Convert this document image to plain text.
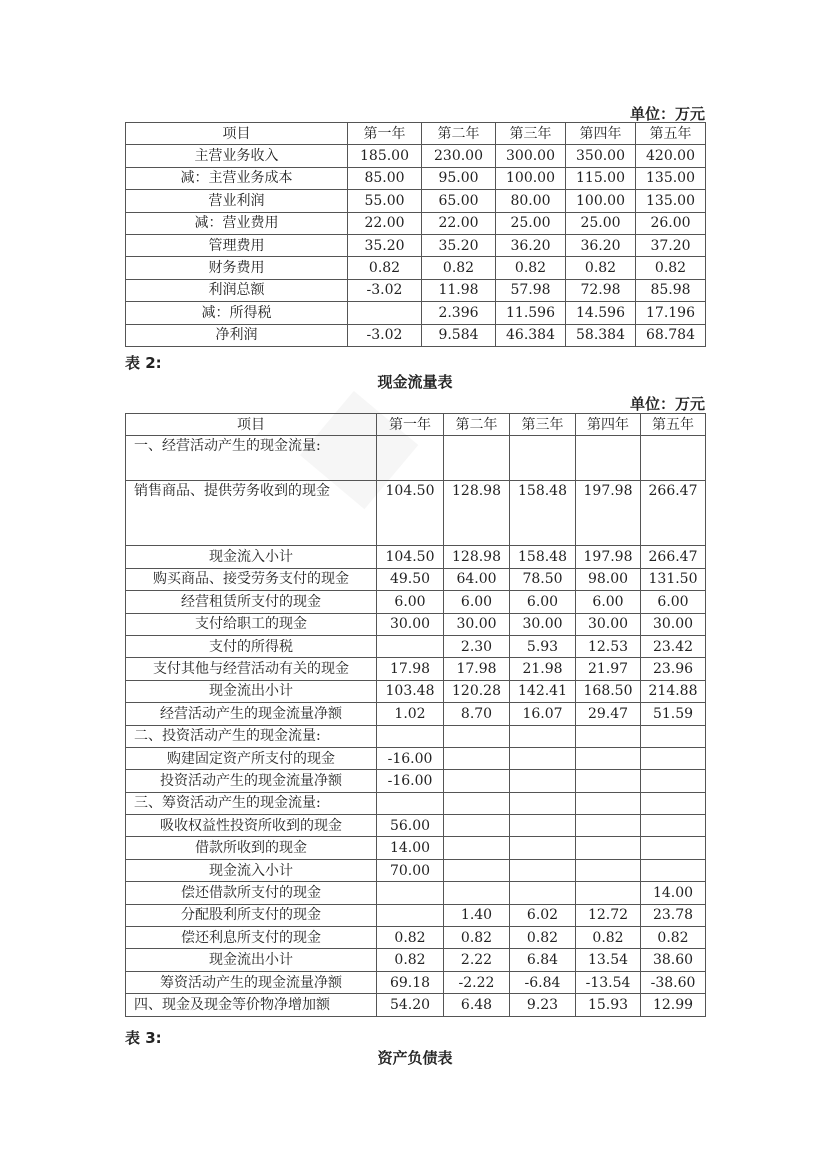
单位：万元
项目	第一年	第二年	第三年	第四年	第五年
主营业务收入	185.00	230.00	300.00	350.00	420.00
减：主营业务成本	85.00	95.00	100.00	115.00	135.00
营业利润	55.00	65.00	80.00	100.00	135.00
减：营业费用	22.00	22.00	25.00	25.00	26.00
管理费用	35.20	35.20	36.20	36.20	37.20
财务费用	0.82	0.82	0.82	0.82	0.82
利润总额	-3.02	11.98	57.98	72.98	85.98
减：所得税		2.396	11.596	14.596	17.196
净利润	-3.02	9.584	46.384	58.384	68.784
表 2:
现金流量表
单位：万元
项目	第一年	第二年	第三年	第四年	第五年
一、经营活动产生的现金流量:					
销售商品、提供劳务收到的现金	104.50	128.98	158.48	197.98	266.47
现金流入小计	104.50	128.98	158.48	197.98	266.47
购买商品、接受劳务支付的现金	49.50	64.00	78.50	98.00	131.50
经营租赁所支付的现金	6.00	6.00	6.00	6.00	6.00
支付给职工的现金	30.00	30.00	30.00	30.00	30.00
支付的所得税		2.30	5.93	12.53	23.42
支付其他与经营活动有关的现金	17.98	17.98	21.98	21.97	23.96
现金流出小计	103.48	120.28	142.41	168.50	214.88
经营活动产生的现金流量净额	1.02	8.70	16.07	29.47	51.59
二、投资活动产生的现金流量:					
购建固定资产所支付的现金	-16.00				
投资活动产生的现金流量净额	-16.00				
三、筹资活动产生的现金流量:					
吸收权益性投资所收到的现金	56.00				
借款所收到的现金	14.00				
现金流入小计	70.00				
偿还借款所支付的现金					14.00
分配股利所支付的现金		1.40	6.02	12.72	23.78
偿还利息所支付的现金	0.82	0.82	0.82	0.82	0.82
现金流出小计	0.82	2.22	6.84	13.54	38.60
筹资活动产生的现金流量净额	69.18	-2.22	-6.84	-13.54	-38.60
四、现金及现金等价物净增加额	54.20	6.48	9.23	15.93	12.99
表 3:
资产负债表
